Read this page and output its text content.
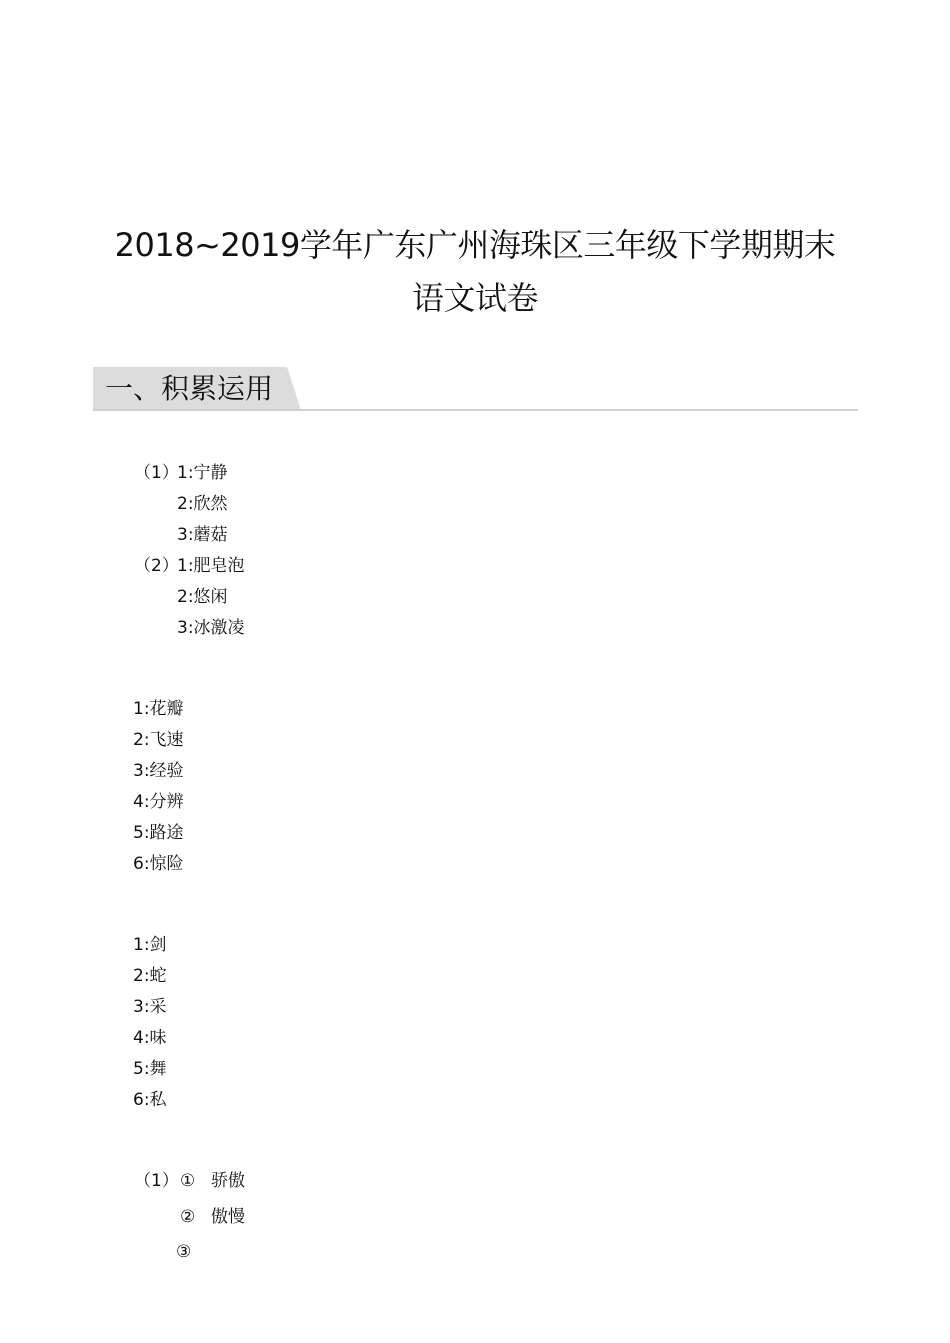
2018~2019学年广东广州海珠区三年级下学期期末
语文试卷
一、积累运用
（1）
1:宁静
2:欣然
3:蘑菇
（2）
1:肥皂泡
2:悠闲
3:冰激凌
1:花瓣
2:飞速
3:经验
4:分辨
5:路途
6:惊险
1:剑
2:蛇
3:采
4:味
5:舞
6:私
（1） ① 骄傲
② 傲慢
③
